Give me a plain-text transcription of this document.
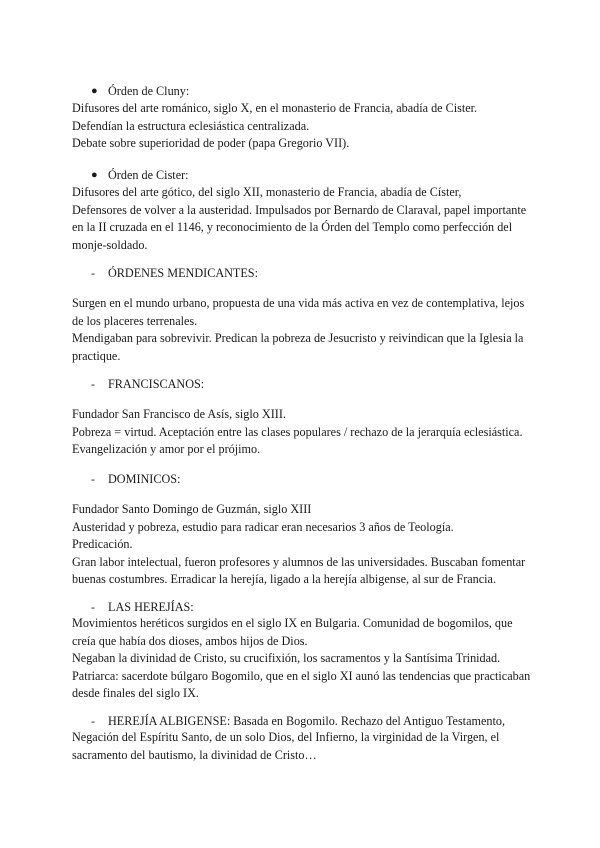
● Órden de Cluny:
Difusores del arte románico, siglo X, en el monasterio de Francia, abadía de Cister.
Defendían la estructura eclesiástica centralizada.
Debate sobre superioridad de poder (papa Gregorio VII).
● Órden de Cister:
Difusores del arte gótico, del siglo XII, monasterio de Francia, abadía de Císter,
Defensores de volver a la austeridad. Impulsados por Bernardo de Claraval, papel importante
en la II cruzada en el 1146, y reconocimiento de la Órden del Templo como perfección del
monje-soldado.
- ÓRDENES MENDICANTES:
Surgen en el mundo urbano, propuesta de una vida más activa en vez de contemplativa, lejos
de los placeres terrenales.
Mendigaban para sobrevivir. Predican la pobreza de Jesucristo y reivindican que la Iglesia la
practique.
- FRANCISCANOS:
Fundador San Francisco de Asís, siglo XIII.
Pobreza = virtud. Aceptación entre las clases populares / rechazo de la jerarquía eclesiástica.
Evangelización y amor por el prójimo.
- DOMINICOS:
Fundador Santo Domingo de Guzmán, siglo XIII
Austeridad y pobreza, estudio para radicar eran necesarios 3 años de Teología.
Predicación.
Gran labor intelectual, fueron profesores y alumnos de las universidades. Buscaban fomentar
buenas costumbres. Erradicar la herejía, ligado a la herejía albigense, al sur de Francia.
- LAS HEREJÍAS:
Movimientos heréticos surgidos en el siglo IX en Bulgaria. Comunidad de bogomilos, que
creía que había dos dioses, ambos hijos de Dios.
Negaban la divinidad de Cristo, su crucifixión, los sacramentos y la Santísima Trinidad.
Patriarca: sacerdote búlgaro Bogomilo, que en el siglo XI aunó las tendencias que practicaban
desde finales del siglo IX.
- HEREJÍA ALBIGENSE: Basada en Bogomilo. Rechazo del Antiguo Testamento,
Negación del Espíritu Santo, de un solo Dios, del Infierno, la virginidad de la Virgen, el
sacramento del bautismo, la divinidad de Cristo…
